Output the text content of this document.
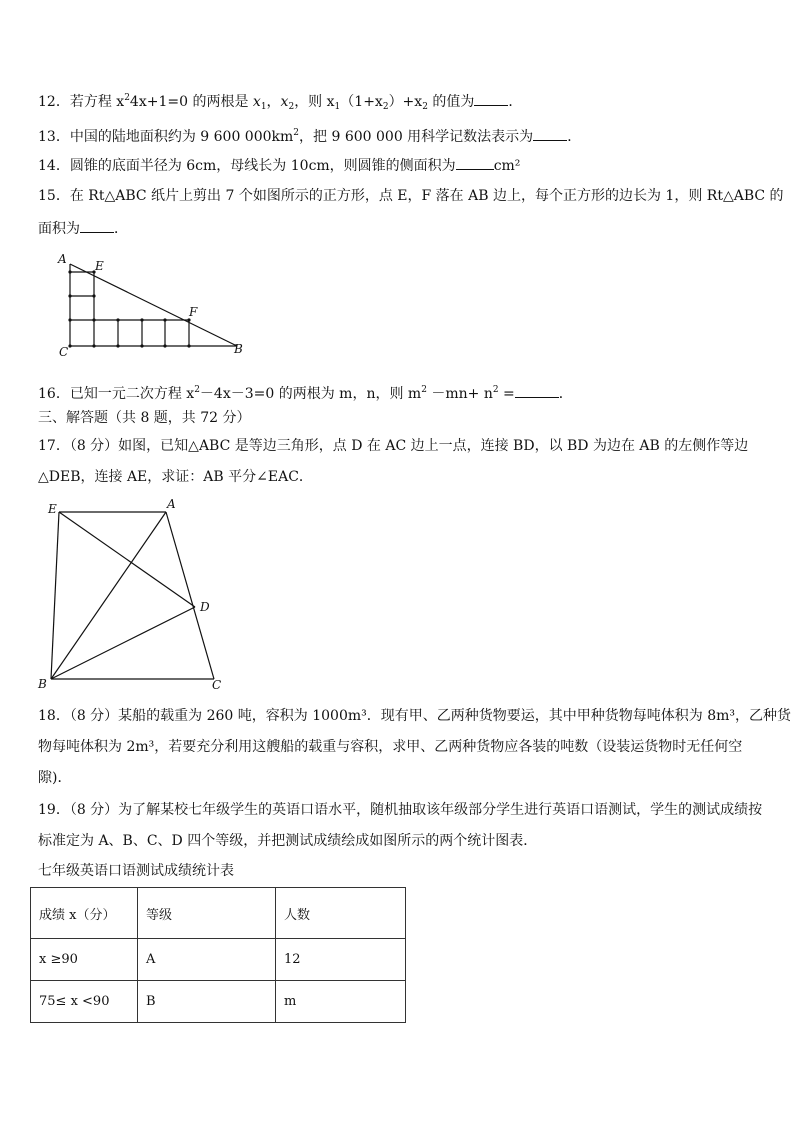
12．若方程 $x^24x+1=0$ 的两根是 $x_1$，$x_2$，则 $x_1(1+x_2)+x_2$ 的值为 ．
13．中国的陆地面积约为 9 600 $000km^2$，把 9 600 000 用科学记数法表示为 ．
14．圆锥的底面半径为 6cm，母线长为 10cm，则圆锥的侧面积为	cm²
15．在 Rt△ABC 纸片上剪出 7 个如图所示的正方形，点 E，F 落在 AB 边上，每个正方形的边长为 1，则 Rt△ABC 的
面积为 ．
A E
F
C	B
16．已知一元二次方程 $x^2-4x-3=0$ 的两根为 m，n，则 $m^2 -mn+ n^2$ =	．
三、解答题（共 8 题，共 72 分）
17．（8 分）如图，已知△ABC 是等边三角形，点 D 在 AC 边上一点，连接 BD，以 BD 为边在 AB 的左侧作等边
△DEB，连接 AE，求证：AB 平分∠EAC．
E	A
D
B	C
18．（8 分）某船的载重为 260 吨，容积为 1000m³．现有甲、乙两种货物要运，其中甲种货物每吨体积为 8m³，乙种货
物每吨体积为 2m³，若要充分利用这艘船的载重与容积，求甲、乙两种货物应各装的吨数（设装运货物时无任何空
隙)．
19．（8 分）为了解某校七年级学生的英语口语水平，随机抽取该年级部分学生进行英语口语测试，学生的测试成绩按
标准定为 A、B、C、D 四个等级，并把测试成绩绘成如图所示的两个统计图表．
七年级英语口语测试成绩统计表
成绩 x（分）	等级	人数
x ≥90	A	12
75≤ x <90	B	m
